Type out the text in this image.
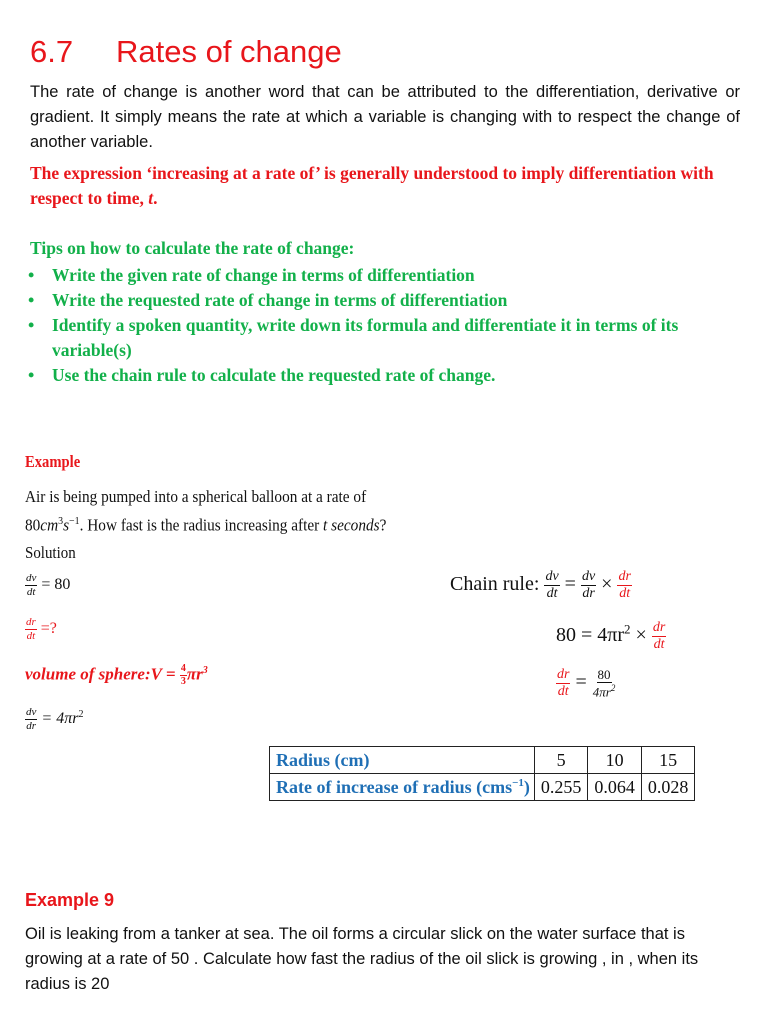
6.7 Rates of change
The rate of change is another word that can be attributed to the differentiation, derivative or gradient. It simply means the rate at which a variable is changing with to respect the change of another variable.
The expression ‘increasing at a rate of’ is generally understood to imply differentiation with respect to time, t.
Tips on how to calculate the rate of change:
• Write the given rate of change in terms of differentiation
• Write the requested rate of change in terms of differentiation
• Identify a spoken quantity, write down its formula and differentiate it in terms of its variable(s)
• Use the chain rule to calculate the requested rate of change.
Example
Air is being pumped into a spherical balloon at a rate of
$80cm^3s^{-1}$. How fast is the radius increasing after t seconds?
Solution
$\frac{dv}{dt} = 80$
$\frac{dr}{dt}$ =?
volume of sphere:V = $\frac{4}{3} \pi r^3$
$\frac{dv}{dr} = 4\pi r^2$
Chain rule: $\frac{dv}{dt} = \frac{dv}{dr} \times \frac{dr}{dt}$
$80 = 4\pi r^2 \times \frac{dr}{dt}$
$\frac{dr}{dt} = \frac{80}{4\pi r^2}$
Radius (cm)	5	10	15
Rate of increase of radius (cms$^{-1}$)	0.255	0.064	0.028
Example 9
Oil is leaking from a tanker at sea. The oil forms a circular slick on the water surface that is growing at a rate of 50 . Calculate how fast the radius of the oil slick is growing , in , when its radius is 20
